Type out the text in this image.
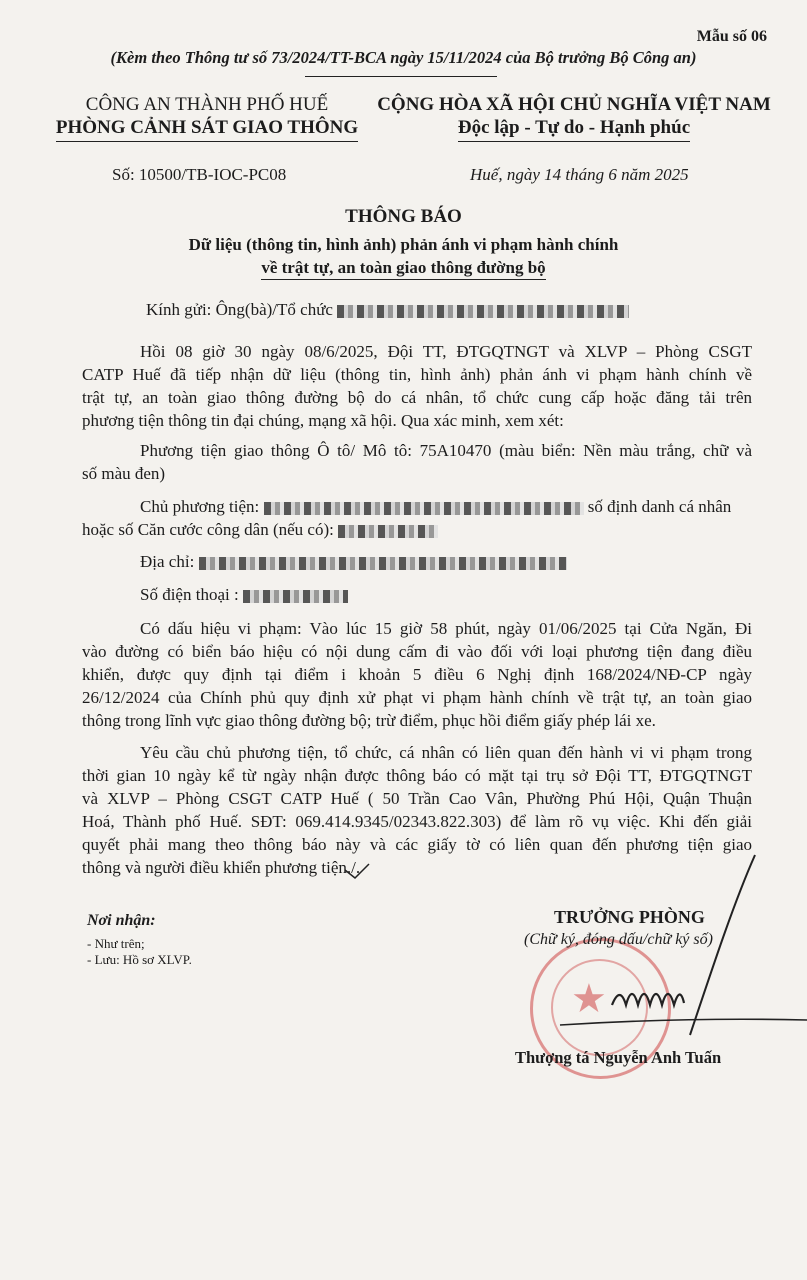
Mẫu số 06
(Kèm theo Thông tư số 73/2024/TT-BCA ngày 15/11/2024 của Bộ trưởng Bộ Công an)
CÔNG AN THÀNH PHỐ HUẾ
PHÒNG CẢNH SÁT GIAO THÔNG
CỘNG HÒA XÃ HỘI CHỦ NGHĨA VIỆT NAM
Độc lập - Tự do - Hạnh phúc
Số: 10500/TB-IOC-PC08	Huế, ngày 14 tháng 6 năm 2025
THÔNG BÁO
Dữ liệu (thông tin, hình ảnh) phản ánh vi phạm hành chính
về trật tự, an toàn giao thông đường bộ
Kính gửi: Ông(bà)/Tổ chức
Hồi 08 giờ 30 ngày 08/6/2025, Đội TT, ĐTGQTNGT và XLVP – Phòng CSGT
CATP Huế đã tiếp nhận dữ liệu (thông tin, hình ảnh) phản ánh vi phạm hành chính về
trật tự, an toàn giao thông đường bộ do cá nhân, tổ chức cung cấp hoặc đăng tải trên
phương tiện thông tin đại chúng, mạng xã hội. Qua xác minh, xem xét:
Phương tiện giao thông Ô tô/ Mô tô: 75A10470 (màu biển: Nền màu trắng, chữ và
số màu đen)
Chủ phương tiện:	số định danh cá nhân
hoặc số Căn cước công dân (nếu có):
Địa chỉ:
Số điện thoại :
Có dấu hiệu vi phạm: Vào lúc 15 giờ 58 phút, ngày 01/06/2025 tại Cửa Ngăn, Đi
vào đường có biển báo hiệu có nội dung cấm đi vào đối với loại phương tiện đang điều
khiển, được quy định tại điểm i khoản 5 điều 6 Nghị định 168/2024/NĐ-CP ngày
26/12/2024 của Chính phủ quy định xử phạt vi phạm hành chính về trật tự, an toàn giao
thông trong lĩnh vực giao thông đường bộ; trừ điểm, phục hồi điểm giấy phép lái xe.
Yêu cầu chủ phương tiện, tổ chức, cá nhân có liên quan đến hành vi vi phạm trong
thời gian 10 ngày kể từ ngày nhận được thông báo có mặt tại trụ sở Đội TT, ĐTGQTNGT
và XLVP – Phòng CSGT CATP Huế ( 50 Trần Cao Vân, Phường Phú Hội, Quận Thuận
Hoá, Thành phố Huế. SĐT: 069.414.9345/02343.822.303) để làm rõ vụ việc. Khi đến giải
quyết phải mang theo thông báo này và các giấy tờ có liên quan đến phương tiện giao
thông và người điều khiển phương tiện./.
Nơi nhận:
- Như trên;
- Lưu: Hồ sơ XLVP.
★
TRƯỞNG PHÒNG
(Chữ ký, đóng dấu/chữ ký số)
Thượng tá Nguyễn Anh Tuấn
